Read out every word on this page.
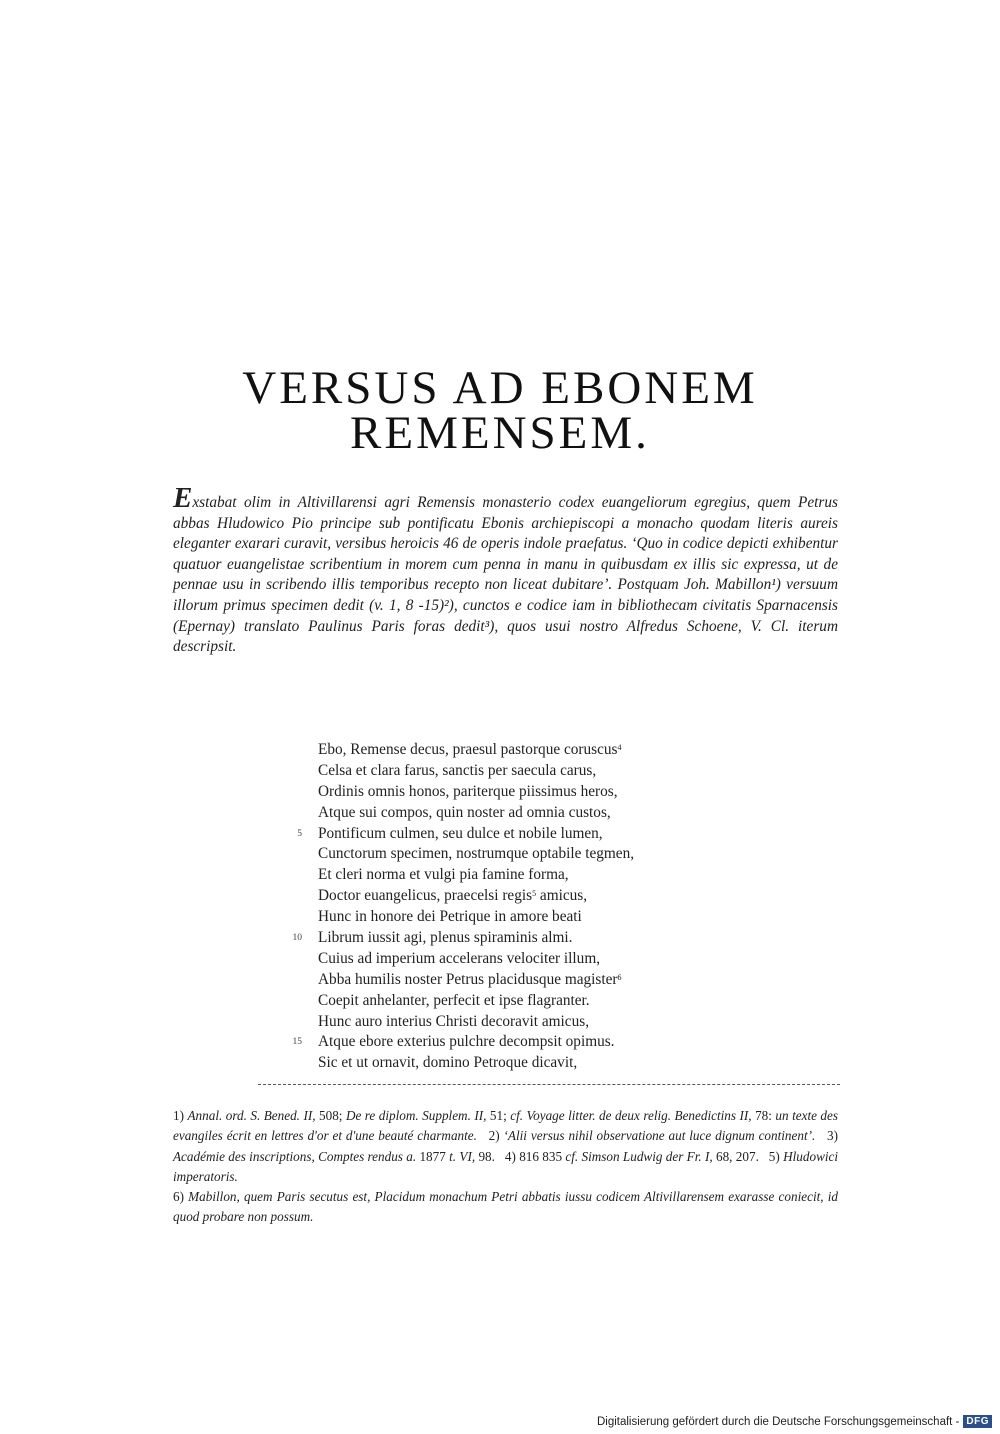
VERSUS AD EBONEM
REMENSEM.
Exstabat olim in Altivillarensi agri Remensis monasterio codex euangeliorum egregius, quem Petrus abbas Hludowico Pio principe sub pontificatu Ebonis archiepiscopi a monacho quodam literis aureis eleganter exarari curavit, versibus heroicis 46 de operis indole praefatus. ‘Quo in codice depicti exhibentur quatuor euangelistae scribentium in morem cum penna in manu in quibusdam ex illis sic expressa, ut de pennae usu in scribendo illis temporibus recepto non liceat dubitare’. Postquam Joh. Mabillon¹) versuum illorum primus specimen dedit (v. 1, 8 -15)²), cunctos e codice iam in bibliothecam civitatis Sparnacensis (Epernay) translato Paulinus Paris foras dedit³), quos usui nostro Alfredus Schoene, V. Cl. iterum descripsit.
Ebo, Remense decus, praesul pastorque coruscus$^4$
Celsa et clara farus, sanctis per saecula carus,
Ordinis omnis honos, pariterque piissimus heros,
Atque sui compos, quin noster ad omnia custos,
5 Pontificum culmen, seu dulce et nobile lumen,
Cunctorum specimen, nostrumque optabile tegmen,
Et cleri norma et vulgi pia famine forma,
Doctor euangelicus, praecelsi regis$^5$ amicus,
Hunc in honore dei Petrique in amore beati
10 Librum iussit agi, plenus spiraminis almi.
Cuius ad imperium accelerans velociter illum,
Abba humilis noster Petrus placidusque magister$^6$
Coepit anhelanter, perfecit et ipse flagranter.
Hunc auro interius Christi decoravit amicus,
15 Atque ebore exterius pulchre decompsit opimus.
Sic et ut ornavit, domino Petroque dicavit,
1) Annal. ord. S. Bened. II, 508; De re diplom. Supplem. II, 51; cf. Voyage litter. de deux relig. Benedictins II, 78: un texte des evangiles écrit en lettres d'or et d'une beauté charmante. 2) ‘Alii versus nihil observatione aut luce dignum continent’. 3) Académie des inscriptions, Comptes rendus a. 1877 t. VI, 98. 4) 816 835 cf. Simson Ludwig der Fr. I, 68, 207. 5) Hludowici imperatoris.
6) Mabillon, quem Paris secutus est, Placidum monachum Petri abbatis iussu codicem Altivillarensem exarasse coniecit, id quod probare non possum.
Digitalisierung gefördert durch die Deutsche Forschungsgemeinschaft - DFG
